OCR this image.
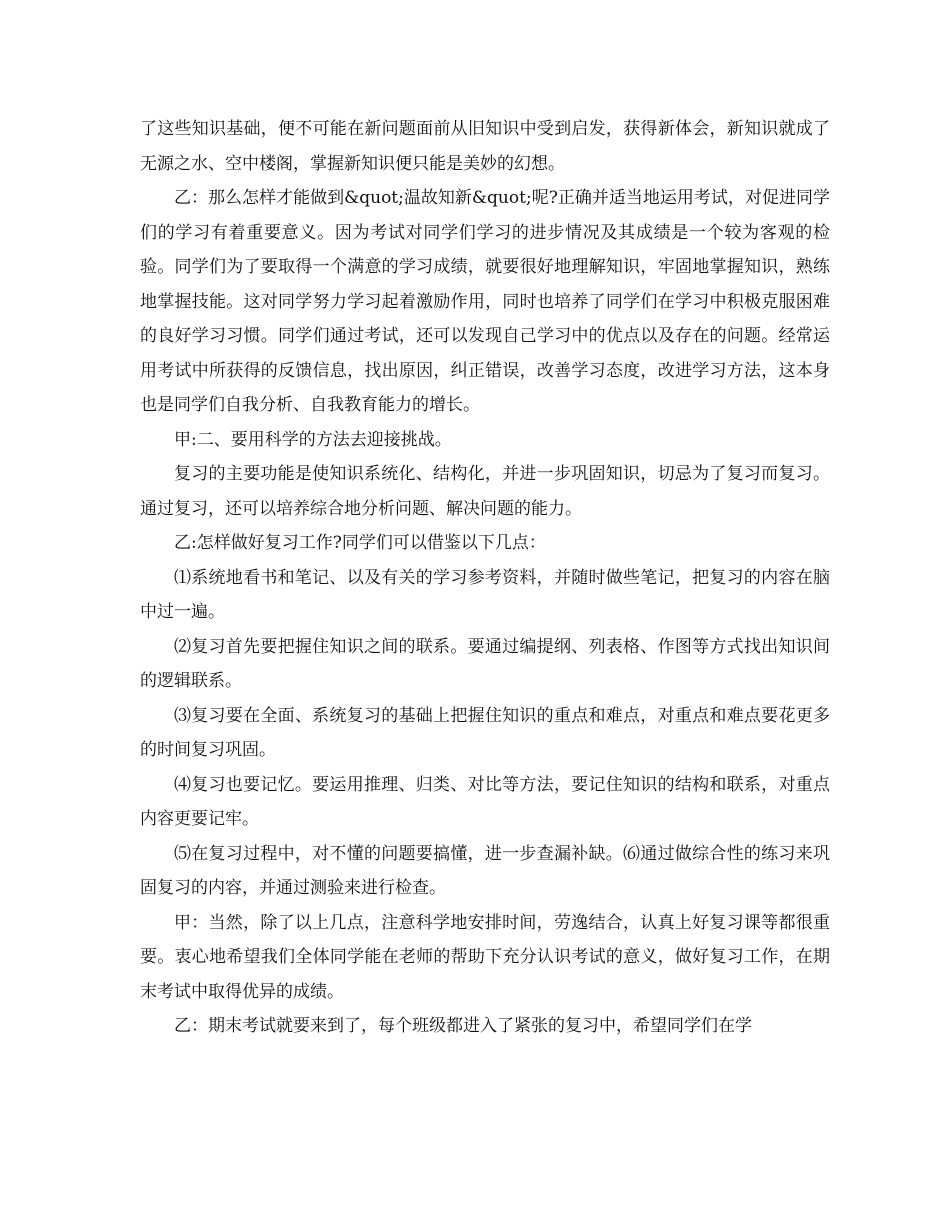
了这些知识基础，便不可能在新问题面前从旧知识中受到启发，获得新体会，新知识就成了无源之水、空中楼阁，掌握新知识便只能是美妙的幻想。

乙：那么怎样才能做到&quot;温故知新&quot;呢?正确并适当地运用考试，对促进同学们的学习有着重要意义。因为考试对同学们学习的进步情况及其成绩是一个较为客观的检验。同学们为了要取得一个满意的学习成绩，就要很好地理解知识，牢固地掌握知识，熟练地掌握技能。这对同学努力学习起着激励作用，同时也培养了同学们在学习中积极克服困难的良好学习习惯。同学们通过考试，还可以发现自己学习中的优点以及存在的问题。经常运用考试中所获得的反馈信息，找出原因，纠正错误，改善学习态度，改进学习方法，这本身也是同学们自我分析、自我教育能力的增长。

甲:二、要用科学的方法去迎接挑战。

复习的主要功能是使知识系统化、结构化，并进一步巩固知识，切忌为了复习而复习。通过复习，还可以培养综合地分析问题、解决问题的能力。

乙:怎样做好复习工作?同学们可以借鉴以下几点：

⑴系统地看书和笔记、以及有关的学习参考资料，并随时做些笔记，把复习的内容在脑中过一遍。

⑵复习首先要把握住知识之间的联系。要通过编提纲、列表格、作图等方式找出知识间的逻辑联系。

⑶复习要在全面、系统复习的基础上把握住知识的重点和难点，对重点和难点要花更多的时间复习巩固。

⑷复习也要记忆。要运用推理、归类、对比等方法，要记住知识的结构和联系，对重点内容更要记牢。

⑸在复习过程中，对不懂的问题要搞懂，进一步查漏补缺。⑹通过做综合性的练习来巩固复习的内容，并通过测验来进行检查。

甲：当然，除了以上几点，注意科学地安排时间，劳逸结合，认真上好复习课等都很重要。衷心地希望我们全体同学能在老师的帮助下充分认识考试的意义，做好复习工作，在期末考试中取得优异的成绩。

乙：期末考试就要来到了，每个班级都进入了紧张的复习中，希望同学们在学
